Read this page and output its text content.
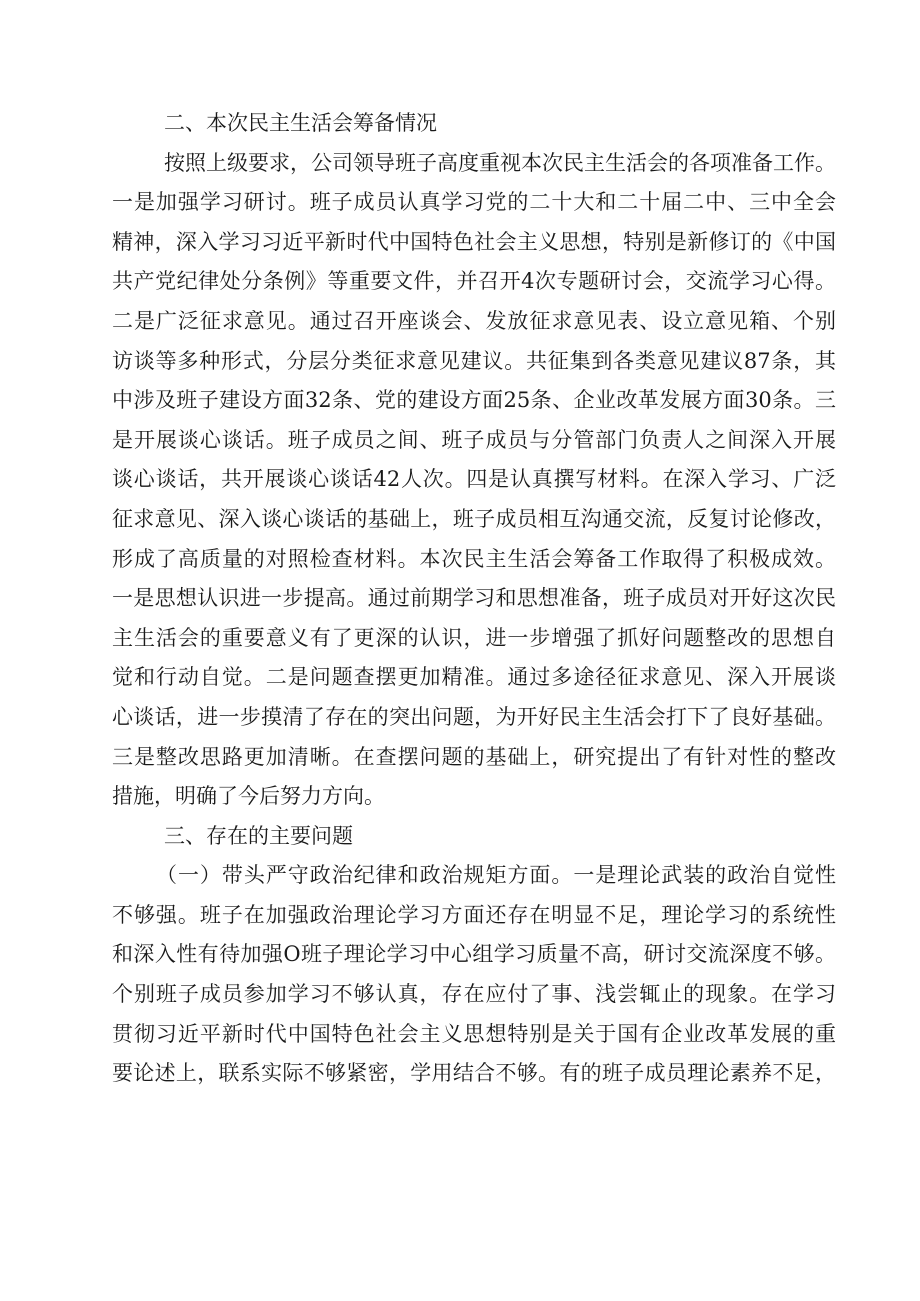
二、本次民主生活会筹备情况
按照上级要求，公司领导班子高度重视本次民主生活会的各项准备工作。
一是加强学习研讨。班子成员认真学习党的二十大和二十届二中、三中全会
精神，深入学习习近平新时代中国特色社会主义思想，特别是新修订的《中国
共产党纪律处分条例》等重要文件，并召开4次专题研讨会，交流学习心得。
二是广泛征求意见。通过召开座谈会、发放征求意见表、设立意见箱、个别
访谈等多种形式，分层分类征求意见建议。共征集到各类意见建议87条，其
中涉及班子建设方面32条、党的建设方面25条、企业改革发展方面30条。三
是开展谈心谈话。班子成员之间、班子成员与分管部门负责人之间深入开展
谈心谈话，共开展谈心谈话42人次。四是认真撰写材料。在深入学习、广泛
征求意见、深入谈心谈话的基础上，班子成员相互沟通交流，反复讨论修改，
形成了高质量的对照检查材料。本次民主生活会筹备工作取得了积极成效。
一是思想认识进一步提高。通过前期学习和思想准备，班子成员对开好这次民
主生活会的重要意义有了更深的认识，进一步增强了抓好问题整改的思想自
觉和行动自觉。二是问题查摆更加精准。通过多途径征求意见、深入开展谈
心谈话，进一步摸清了存在的突出问题，为开好民主生活会打下了良好基础。
三是整改思路更加清晰。在查摆问题的基础上，研究提出了有针对性的整改
措施，明确了今后努力方向。
三、存在的主要问题
（一）带头严守政治纪律和政治规矩方面。一是理论武装的政治自觉性
不够强。班子在加强政治理论学习方面还存在明显不足，理论学习的系统性
和深入性有待加强O班子理论学习中心组学习质量不高，研讨交流深度不够。
个别班子成员参加学习不够认真，存在应付了事、浅尝辄止的现象。在学习
贯彻习近平新时代中国特色社会主义思想特别是关于国有企业改革发展的重
要论述上，联系实际不够紧密，学用结合不够。有的班子成员理论素养不足，
